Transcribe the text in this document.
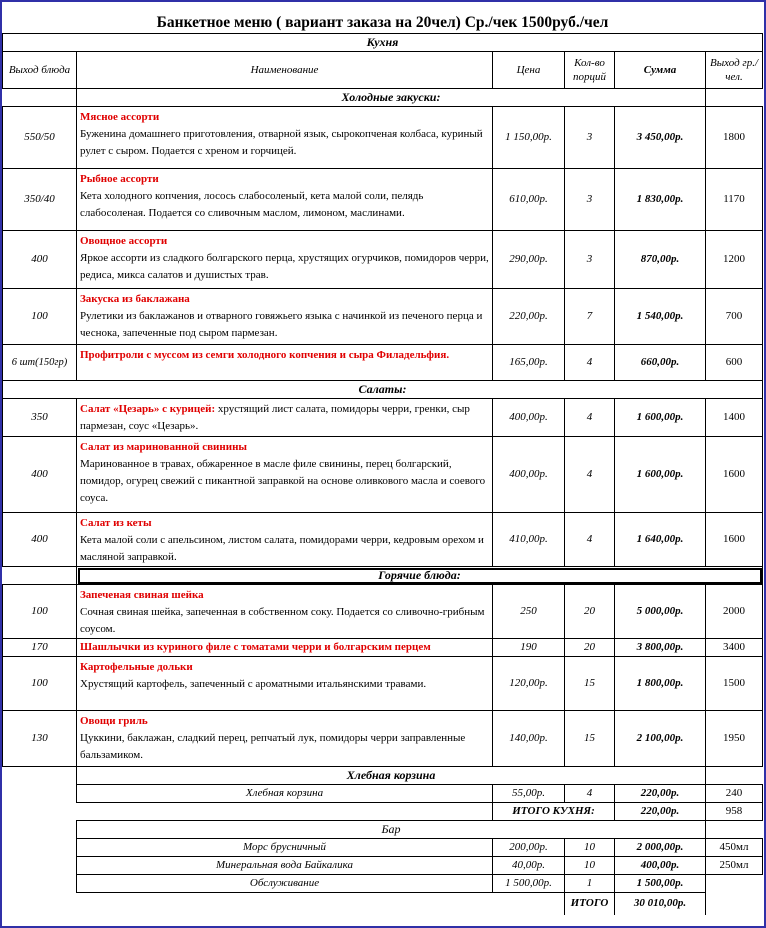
Банкетное меню ( вариант заказа на 20чел) Ср./чек 1500руб./чел					
Кухня					
Выход блюда	Наименование	Цена	Кол-во порций	Сумма	Выход гр./чел.
	Холодные закуски:				
550/50	Мясное ассорти
Буженина домашнего приготовления, отварной язык, сырокопченая колбаса, куриный рулет с сыром. Подается с хреном и горчицей.	1 150,00р.	3	3 450,00р.	1800
350/40	Рыбное ассорти
Кета холодного копчения, лосось слабосоленый, кета малой соли, пелядь слабосоленая. Подается со сливочным маслом, лимоном, маслинами.	610,00р.	3	1 830,00р.	1170
400	Овощное ассорти
Яркое ассорти из сладкого болгарского перца, хрустящих огурчиков, помидоров черри, редиса, микса салатов и душистых трав.	290,00р.	3	870,00р.	1200
100	Закуска из баклажана
Рулетики из баклажанов и отварного говяжьего языка с начинкой из печеного перца и чеснока, запеченные под сыром пармезан.	220,00р.	7	1 540,00р.	700
6 шт(150гр)	Профитроли с муссом из семги холодного копчения и сыра Филадельфия.	165,00р.	4	660,00р.	600
Салаты:					
350	Салат «Цезарь» с курицей: хрустящий лист салата, помидоры черри, гренки, сыр пармезан, соус «Цезарь».	400,00р.	4	1 600,00р.	1400
400	Салат из маринованной свинины
Маринованное в травах, обжаренное в масле филе свинины, перец болгарский, помидор, огурец свежий с пикантной заправкой на основе оливкового масла и соевого соуса.	400,00р.	4	1 600,00р.	1600
400	Салат из кеты
Кета малой соли с апельсином, листом салата, помидорами черри, кедровым орехом и масляной заправкой.	410,00р.	4	1 640,00р.	1600
	Горячие блюда:				
100	Запеченая свиная шейка
Сочная свиная шейка, запеченная в собственном соку. Подается со сливочно-грибным соусом.	250	20	5 000,00р.	2000
170	Шашлычки из куриного филе с томатами черри и болгарским перцем	190	20	3 800,00р.	3400
100	Картофельные дольки
Хрустящий картофель, запеченный с ароматными итальянскими травами.	120,00р.	15	1 800,00р.	1500
130	Овощи гриль
Цуккини, баклажан, сладкий перец, репчатый лук, помидоры черри заправленные бальзамиком.	140,00р.	15	2 100,00р.	1950
	Хлебная корзина				
	Хлебная корзина	55,00р.	4	220,00р.	240
		ИТОГО КУХНЯ:		220,00р.	958
	Бар				
	Морс брусничный	200,00р.	10	2 000,00р.	450мл
	Минеральная вода Байкалика	40,00р.	10	400,00р.	250мл
	Обслуживание	1 500,00р.	1	1 500,00р.	
			ИТОГО	30 010,00р.	
